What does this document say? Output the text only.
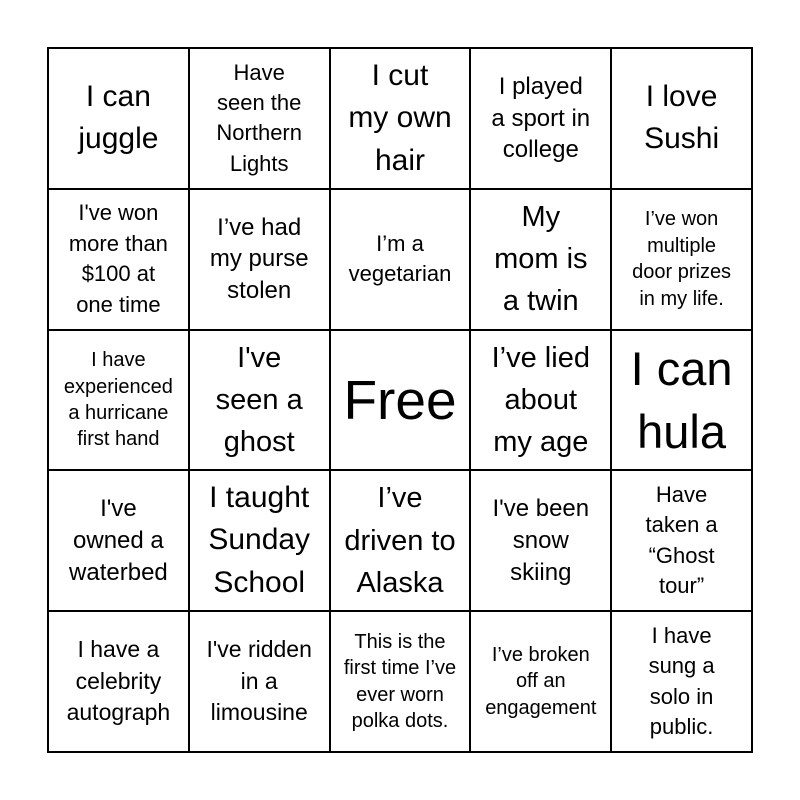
I can
juggle
Have
seen the
Northern
Lights
I cut
my own
hair
I played
a sport in
college
I love
Sushi
I've won
more than
$100 at
one time
I’ve had
my purse
stolen
I’m a
vegetarian
My
mom is
a twin
I’ve won
multiple
door prizes
in my life.
I have
experienced
a hurricane
first hand
I've
seen a
ghost
Free
I’ve lied
about
my age
I can
hula
I've
owned a
waterbed
I taught
Sunday
School
I’ve
driven to
Alaska
I've been
snow
skiing
Have
taken a
“Ghost
tour”
I have a
celebrity
autograph
I've ridden
in a
limousine
This is the
first time I’ve
ever worn
polka dots.
I’ve broken
off an
engagement
I have
sung a
solo in
public.
